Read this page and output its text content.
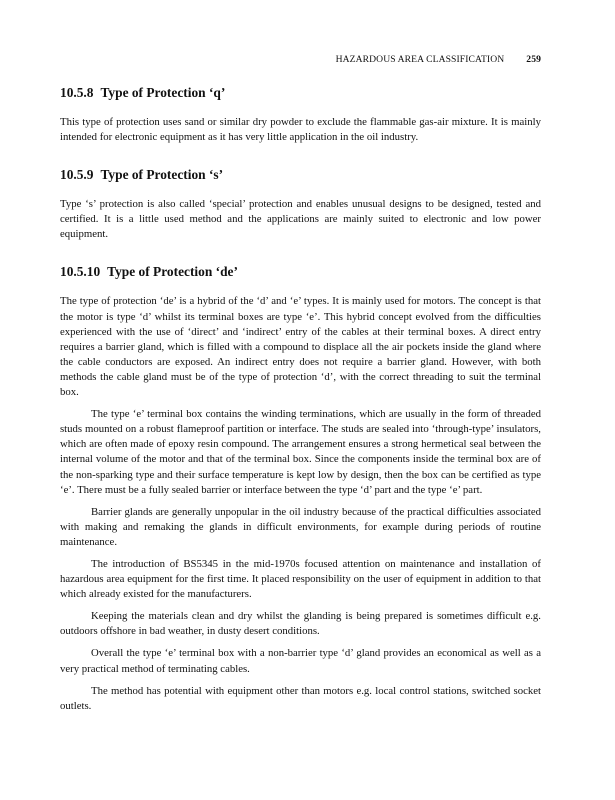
HAZARDOUS AREA CLASSIFICATION 259
10.5.8 Type of Protection ‘q’

This type of protection uses sand or similar dry powder to exclude the flammable gas-air mixture. It is mainly intended for electronic equipment as it has very little application in the oil industry.

10.5.9 Type of Protection ‘s’

Type ‘s’ protection is also called ‘special’ protection and enables unusual designs to be designed, tested and certified. It is a little used method and the applications are mainly suited to electronic and low power equipment.

10.5.10 Type of Protection ‘de’

The type of protection ‘de’ is a hybrid of the ‘d’ and ‘e’ types. It is mainly used for motors. The concept is that the motor is type ‘d’ whilst its terminal boxes are type ‘e’. This hybrid concept evolved from the difficulties experienced with the use of ‘direct’ and ‘indirect’ entry of the cables at their terminal boxes. A direct entry requires a barrier gland, which is filled with a compound to displace all the air pockets inside the gland where the cable conductors are exposed. An indirect entry does not require a barrier gland. However, with both methods the cable gland must be of the type of protection ‘d’, with the correct threading to suit the terminal box.

The type ‘e’ terminal box contains the winding terminations, which are usually in the form of threaded studs mounted on a robust flameproof partition or interface. The studs are sealed into ‘through-type’ insulators, which are often made of epoxy resin compound. The arrangement ensures a strong hermetical seal between the internal volume of the motor and that of the terminal box. Since the components inside the terminal box are of the non-sparking type and their surface temperature is kept low by design, then the box can be certified as type ‘e’. There must be a fully sealed barrier or interface between the type ‘d’ part and the type ‘e’ part.

Barrier glands are generally unpopular in the oil industry because of the practical difficulties associated with making and remaking the glands in difficult environments, for example during periods of routine maintenance.

The introduction of BS5345 in the mid-1970s focused attention on maintenance and installation of hazardous area equipment for the first time. It placed responsibility on the user of equipment in addition to that which already existed for the manufacturers.

Keeping the materials clean and dry whilst the glanding is being prepared is sometimes difficult e.g. outdoors offshore in bad weather, in dusty desert conditions.

Overall the type ‘e’ terminal box with a non-barrier type ‘d’ gland provides an economical as well as a very practical method of terminating cables.

The method has potential with equipment other than motors e.g. local control stations, switched socket outlets.
